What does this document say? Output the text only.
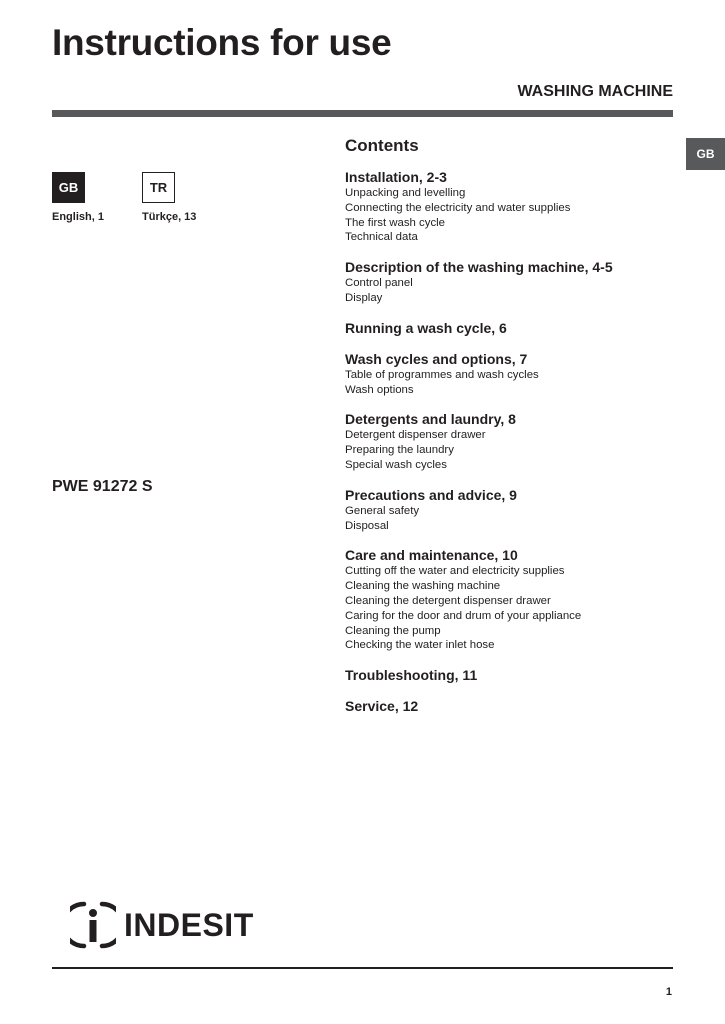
Instructions for use
WASHING MACHINE
GB
GB
English, 1
TR
Türkçe, 13
PWE 91272 S
Contents
Installation, 2-3
Unpacking and levelling
Connecting the electricity and water supplies
The first wash cycle
Technical data
Description of the washing machine, 4-5
Control panel
Display
Running a wash cycle, 6
Wash cycles and options, 7
Table of programmes and wash cycles
Wash options
Detergents and laundry, 8
Detergent dispenser drawer
Preparing the laundry
Special wash cycles
Precautions and advice, 9
General safety
Disposal
Care and maintenance, 10
Cutting off the water and electricity supplies
Cleaning the washing machine
Cleaning the detergent dispenser drawer
Caring for the door and drum of your appliance
Cleaning the pump
Checking the water inlet hose
Troubleshooting, 11
Service, 12
INDESIT
1
